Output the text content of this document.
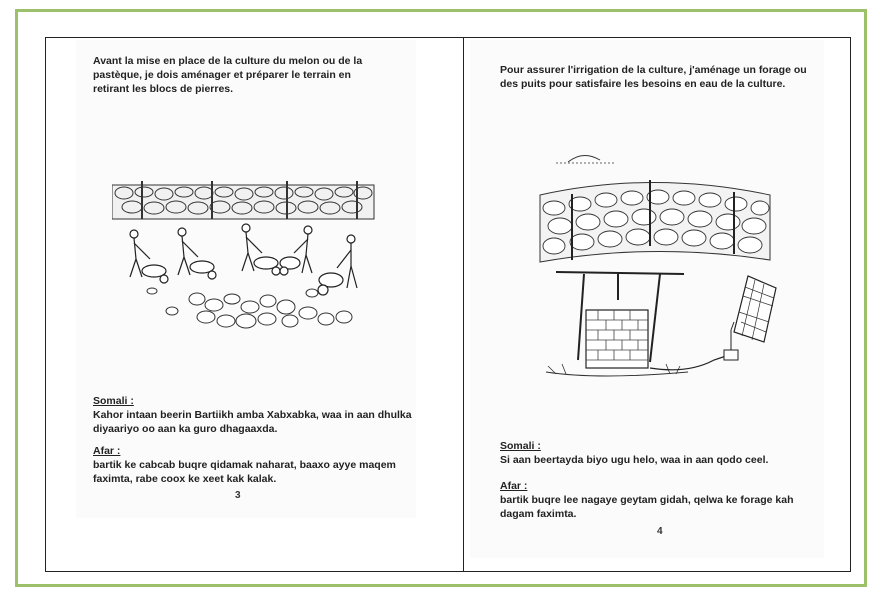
Avant la mise en place de la culture du melon ou de la pastèque, je dois aménager et préparer le terrain en retirant les blocs de pierres.
Somali :
Kahor intaan beerin Bartiikh amba Xabxabka, waa in aan dhulka diyaariyo oo aan ka guro dhagaaxda.
Afar :
bartik ke cabcab buqre qidamak naharat, baaxo ayye maqem faximta, rabe coox ke xeet kak kalak.
3
Pour assurer l'irrigation de la culture, j'aménage un forage ou des puits pour satisfaire les besoins en eau de la culture.
Somali :
Si aan beertayda biyo ugu helo, waa in aan qodo ceel.
Afar :
bartik buqre lee nagaye geytam gidah, qelwa ke forage kah dagam faximta.
4
